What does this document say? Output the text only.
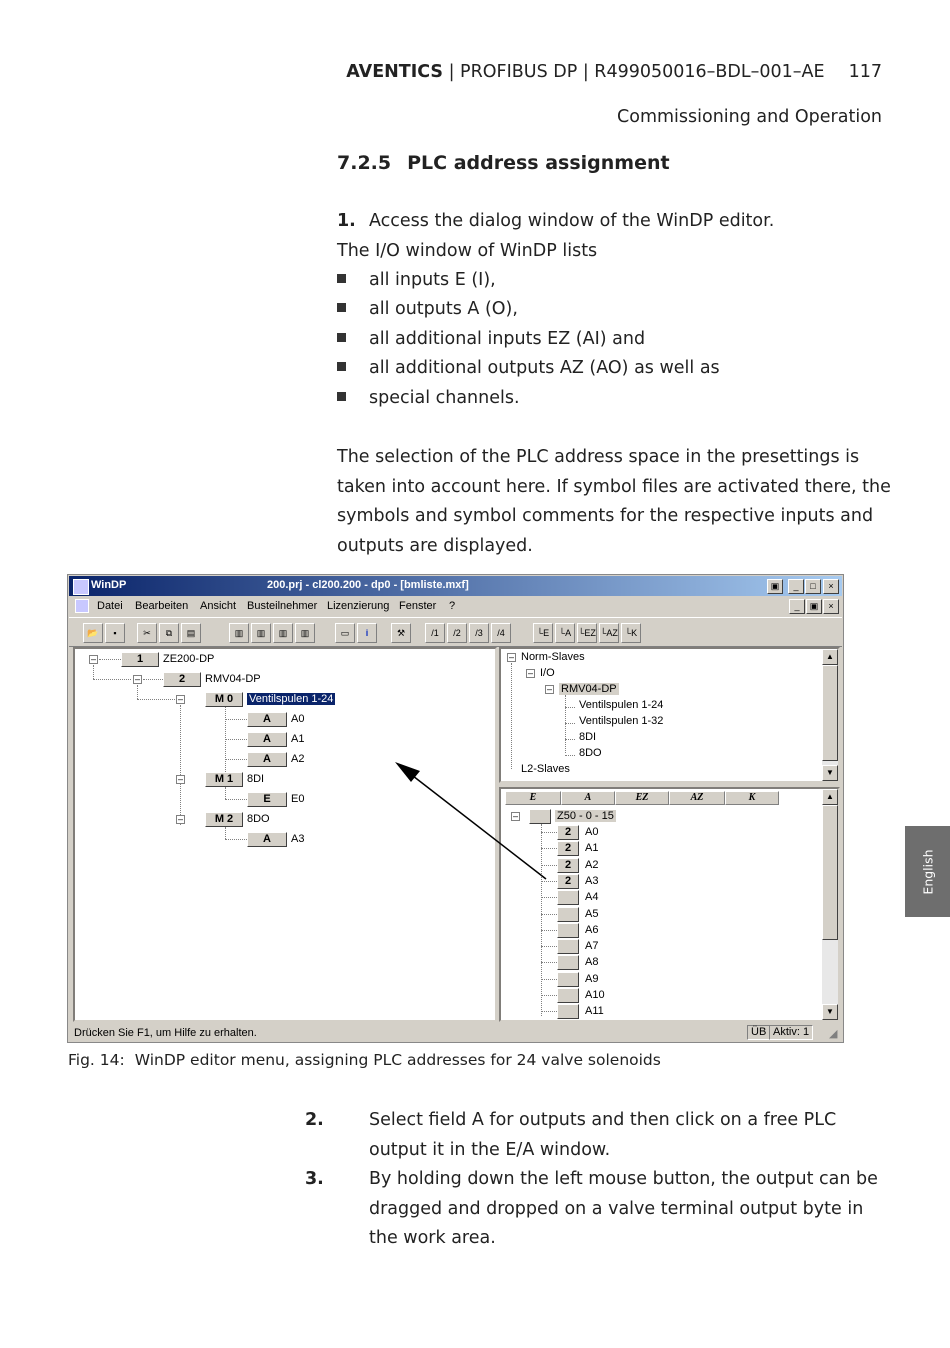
AVENTICS | PROFIBUS DP | R499050016–BDL–001–AE 117
Commissioning and Operation
7.2.5 PLC address assignment
1. Access the dialog window of the WinDP editor.
The I/O window of WinDP lists
all inputs E (I),
all outputs A (O),
all additional inputs EZ (AI) and
all additional outputs AZ (AO) as well as
special channels.
The selection of the PLC address space in the presettings is taken into account here. If symbol files are activated there, the symbols and symbol comments for the respective inputs and outputs are displayed.
WinDP	200.prj - cl200.200 - dp0 - [bmliste.mxf]	▣	_	□	×
Datei Bearbeiten Ansicht Busteilnehmer Lizenzierung Fenster ?	_	▣	×
📂	▪	✂	⧉	▤	▥	▥	▥	▥	▭	i	⚒	/1	/2	/3	/4	└E	└A └EZ └AZ └K
–	1	ZE200-DP
–	2	RMV04-DP
–	M 0	Ventilspulen 1-24
A	A0
A	A1
A	A2
–	M 1	8DI
E	E0
–	M 2	8DO
A	A3
– Norm-Slaves
– I/O
– RMV04-DP
Ventilspulen 1-24
Ventilspulen 1-32
8DI
8DO
L2-Slaves
▲
▼
E	A	EZ	AZ	K
–	Z50 - 0 - 15
2	A0
2	A1
2	A2
2	A3
A4
A5
A6
A7
A8
A9
A10
A11
▲
▼
Drücken Sie F1, um Hilfe zu erhalten.	ÜB Aktiv: 1	◢
Fig. 14: WinDP editor menu, assigning PLC addresses for 24 valve solenoids
2.	Select field A for outputs and then click on a free PLC output it in the E/A window.
3.	By holding down the left mouse button, the output can be dragged and dropped on a valve terminal output byte in the work area.
English
